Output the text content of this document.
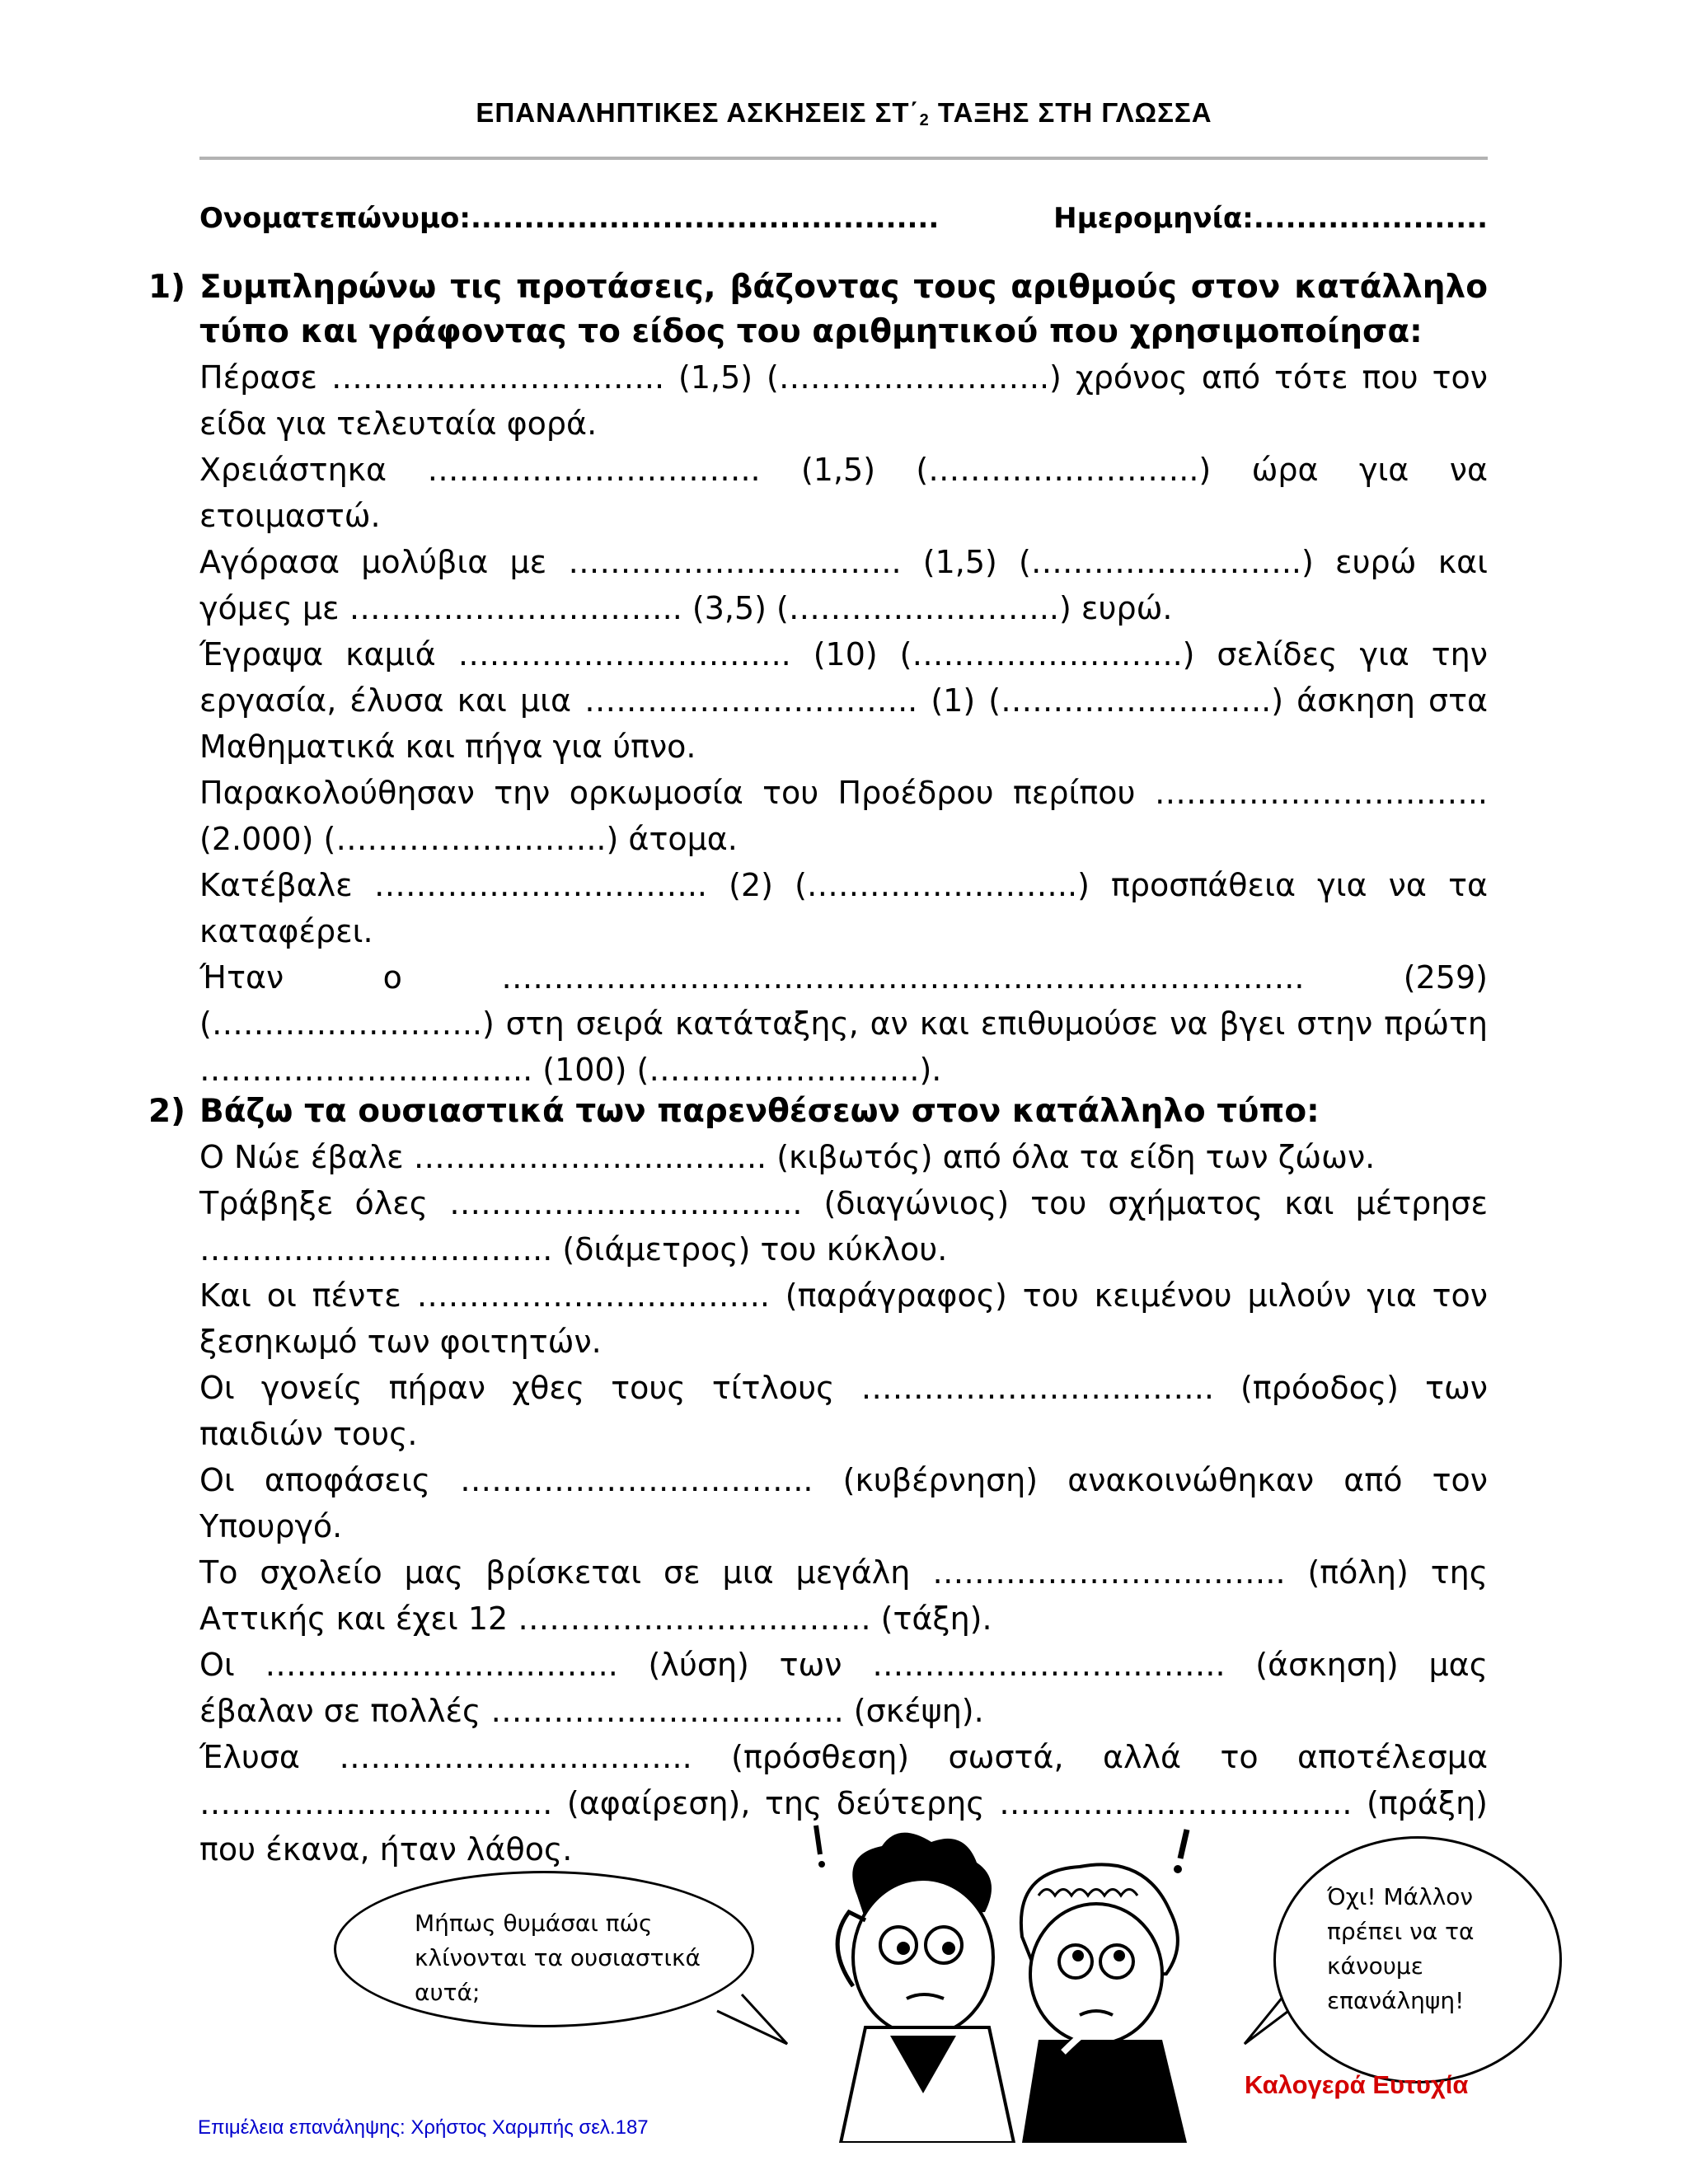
ΕΠΑΝΑΛΗΠΤΙΚΕΣ ΑΣΚΗΣΕΙΣ $\Sigma T΄_2$ ΤΑΞΗΣ ΣΤΗ ΓΛΩΣΣΑ
Ονοματεπώνυμο:............................................	Ημερομηνία:......................
1) Συμπληρώνω τις προτάσεις, βάζοντας τους αριθμούς στον κατάλληλο τύπο και γράφοντας το είδος του αριθμητικού που χρησιμοποίησα:

Πέρασε ………………………….. (1,5) (……………………..) χρόνος από τότε που τον είδα για τελευταία φορά.

Χρειάστηκα ………………………….. (1,5) (……………………..) ώρα για να ετοιμαστώ.

Αγόρασα μολύβια με ………………………….. (1,5) (……………………..) ευρώ και γόμες με ………………………….. (3,5) (……………………..) ευρώ.

Έγραψα καμιά ………………………….. (10) (……………………..) σελίδες για την εργασία, έλυσα και μια ………………………….. (1) (……………………..) άσκηση στα Μαθηματικά και πήγα για ύπνο.

Παρακολούθησαν την ορκωμοσία του Προέδρου περίπου ………………………….. (2.000) (……………………..) άτομα.

Κατέβαλε ………………………….. (2) (……………………..) προσπάθεια για να τα καταφέρει.

Ήταν ο ………………………………………………………………….. (259) (……………………..) στη σειρά κατάταξης, αν και επιθυμούσε να βγει στην πρώτη ………………………….. (100) (……………………..).

2) Βάζω τα ουσιαστικά των παρενθέσεων στον κατάλληλο τύπο:

Ο Νώε έβαλε ……………………..…….. (κιβωτός) από όλα τα είδη των ζώων.

Τράβηξε όλες ……………………..…….. (διαγώνιος) του σχήματος και μέτρησε ……………………..…….. (διάμετρος) του κύκλου.

Και οι πέντε ……………………..…….. (παράγραφος) του κειμένου μιλούν για τον ξεσηκωμό των φοιτητών.

Οι γονείς πήραν χθες τους τίτλους ……………………..…….. (πρόοδος) των παιδιών τους.

Οι αποφάσεις ……………………..…….. (κυβέρνηση) ανακοινώθηκαν από τον Υπουργό.

Το σχολείο μας βρίσκεται σε μια μεγάλη ……………………..…….. (πόλη) της Αττικής και έχει 12 ……………………..…….. (τάξη).

Οι ……………………..…….. (λύση) των ……………………..…….. (άσκηση) μας έβαλαν σε πολλές ……………………..…….. (σκέψη).

Έλυσα ……………………..…….. (πρόσθεση) σωστά, αλλά το αποτέλεσμα ……………………..…….. (αφαίρεση), της δεύτερης ……………………..…….. (πράξη) που έκανα, ήταν λάθος.

Μήπως θυμάσαι πώς κλίνονται τα ουσιαστικά αυτά;
Όχι! Μάλλον πρέπει να τα κάνουμε επανάληψη!
Καλογερά Ευτυχία
Επιμέλεια επανάληψης: Χρήστος Χαρμπής σελ.187
